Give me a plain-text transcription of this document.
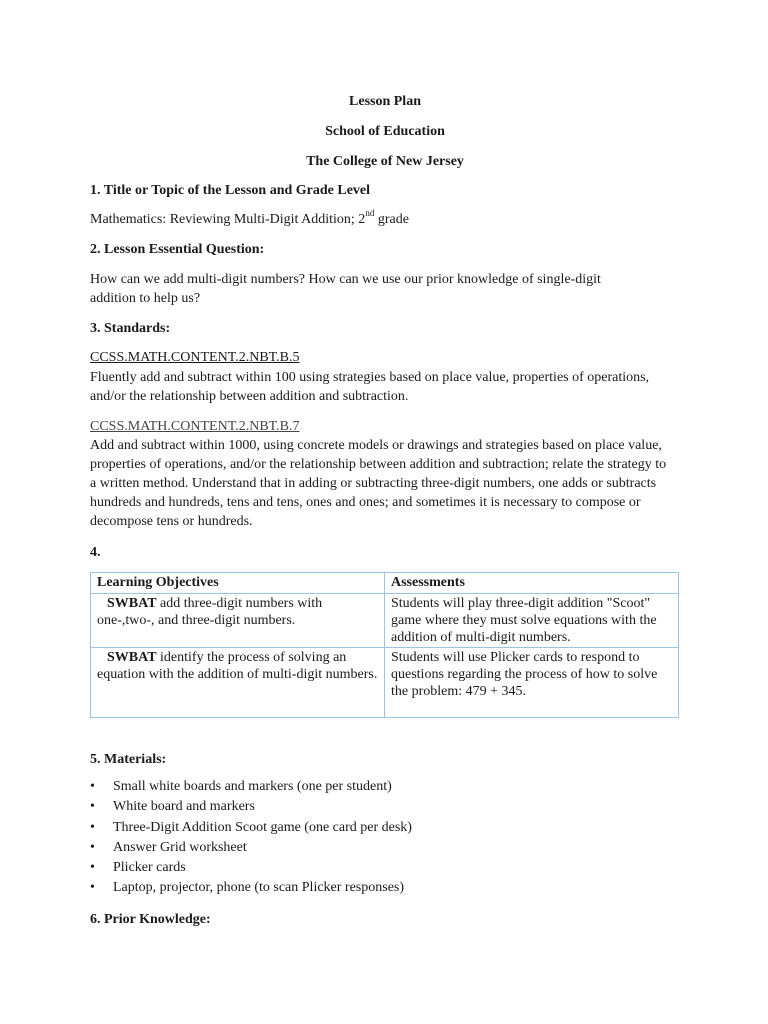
Lesson Plan
School of Education
The College of New Jersey
1. Title or Topic of the Lesson and Grade Level
Mathematics: Reviewing Multi-Digit Addition; 2nd grade
2. Lesson Essential Question:
How can we add multi-digit numbers? How can we use our prior knowledge of single-digit
addition to help us?
3. Standards:
CCSS.MATH.CONTENT.2.NBT.B.5
Fluently add and subtract within 100 using strategies based on place value, properties of operations, and/or the relationship between addition and subtraction.
CCSS.MATH.CONTENT.2.NBT.B.7
Add and subtract within 1000, using concrete models or drawings and strategies based on place value, properties of operations, and/or the relationship between addition and subtraction; relate the strategy to a written method. Understand that in adding or subtracting three-digit numbers, one adds or subtracts hundreds and hundreds, tens and tens, ones and ones; and sometimes it is necessary to compose or decompose tens or hundreds.
4.
Learning Objectives	Assessments
SWBAT add three-digit numbers with one-,two-, and three-digit numbers.	Students will play three-digit addition "Scoot" game where they must solve equations with the addition of multi-digit numbers.
SWBAT identify the process of solving an equation with the addition of multi-digit numbers.	Students will use Plicker cards to respond to questions regarding the process of how to solve the problem: 479 + 345.
5. Materials:
• Small white boards and markers (one per student)
• White board and markers
• Three-Digit Addition Scoot game (one card per desk)
• Answer Grid worksheet
• Plicker cards
• Laptop, projector, phone (to scan Plicker responses)
6. Prior Knowledge:
